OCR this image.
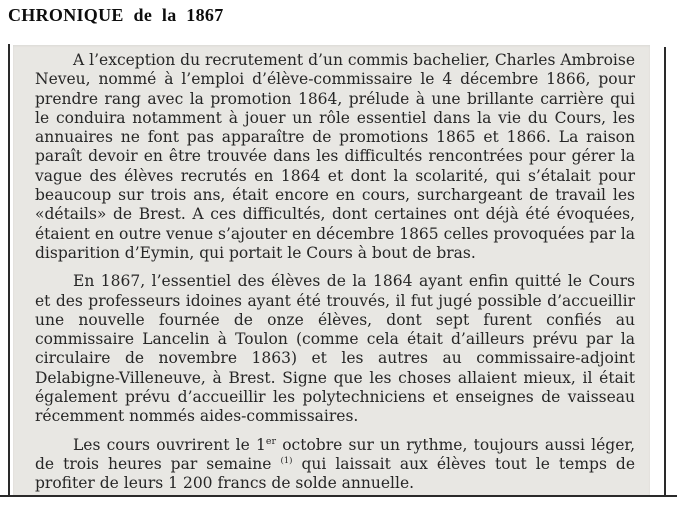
CHRONIQUE de la 1867

A l’exception du recrutement d’un commis bachelier, Charles Ambroise Neveu, nommé à l’emploi d’élève-commissaire le 4 décembre 1866, pour prendre rang avec la promotion 1864, prélude à une brillante carrière qui le conduira notamment à jouer un rôle essentiel dans la vie du Cours, les annuaires ne font pas apparaître de promotions 1865 et 1866. La raison paraît devoir en être trouvée dans les difficultés rencontrées pour gérer la vague des élèves recrutés en 1864 et dont la scolarité, qui s’étalait pour beaucoup sur trois ans, était encore en cours, surchargeant de travail les «détails» de Brest. A ces difficultés, dont certaines ont déjà été évoquées, étaient en outre venue s’ajouter en décembre 1865 celles provoquées par la disparition d’Eymin, qui portait le Cours à bout de bras.

En 1867, l’essentiel des élèves de la 1864 ayant enfin quitté le Cours et des professeurs idoines ayant été trouvés, il fut jugé possible d’accueillir une nouvelle fournée de onze élèves, dont sept furent confiés au commissaire Lancelin à Toulon (comme cela était d’ailleurs prévu par la circulaire de novembre 1863) et les autres au commissaire-adjoint Delabigne-Villeneuve, à Brest. Signe que les choses allaient mieux, il était également prévu d’accueillir les polytechniciens et enseignes de vaisseau récemment nommés aides-commissaires.

Les cours ouvrirent le 1er octobre sur un rythme, toujours aussi léger, de trois heures par semaine $^{(1)}$ qui laissait aux élèves tout le temps de profiter de leurs 1 200 francs de solde annuelle.
